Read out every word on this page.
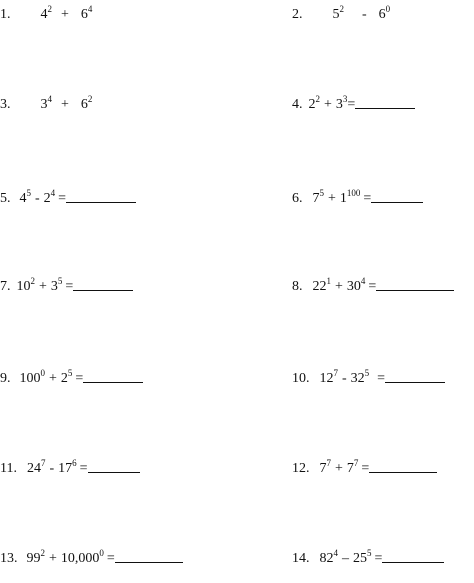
1. $4^2 + 6^4$	2. $5^2 - 6^0$
3. $3^4 + 6^2$	4. $2^2 + 3^3=$
5. $4^5 - 2^4$ =	6. $7^5 + 1^{100}$ =
7. $10^2 + 3^5$ =	8. $22^1 + 30^4$ =
9. $100^0 + 2^5$ =	10. $12^7 - 32^5$ =
11. $24^7 - 17^6$ =	12. $7^7 + 7^7$ =
13. $99^2 + 10,000^0$ =	14. $82^4 - 25^5$ =
